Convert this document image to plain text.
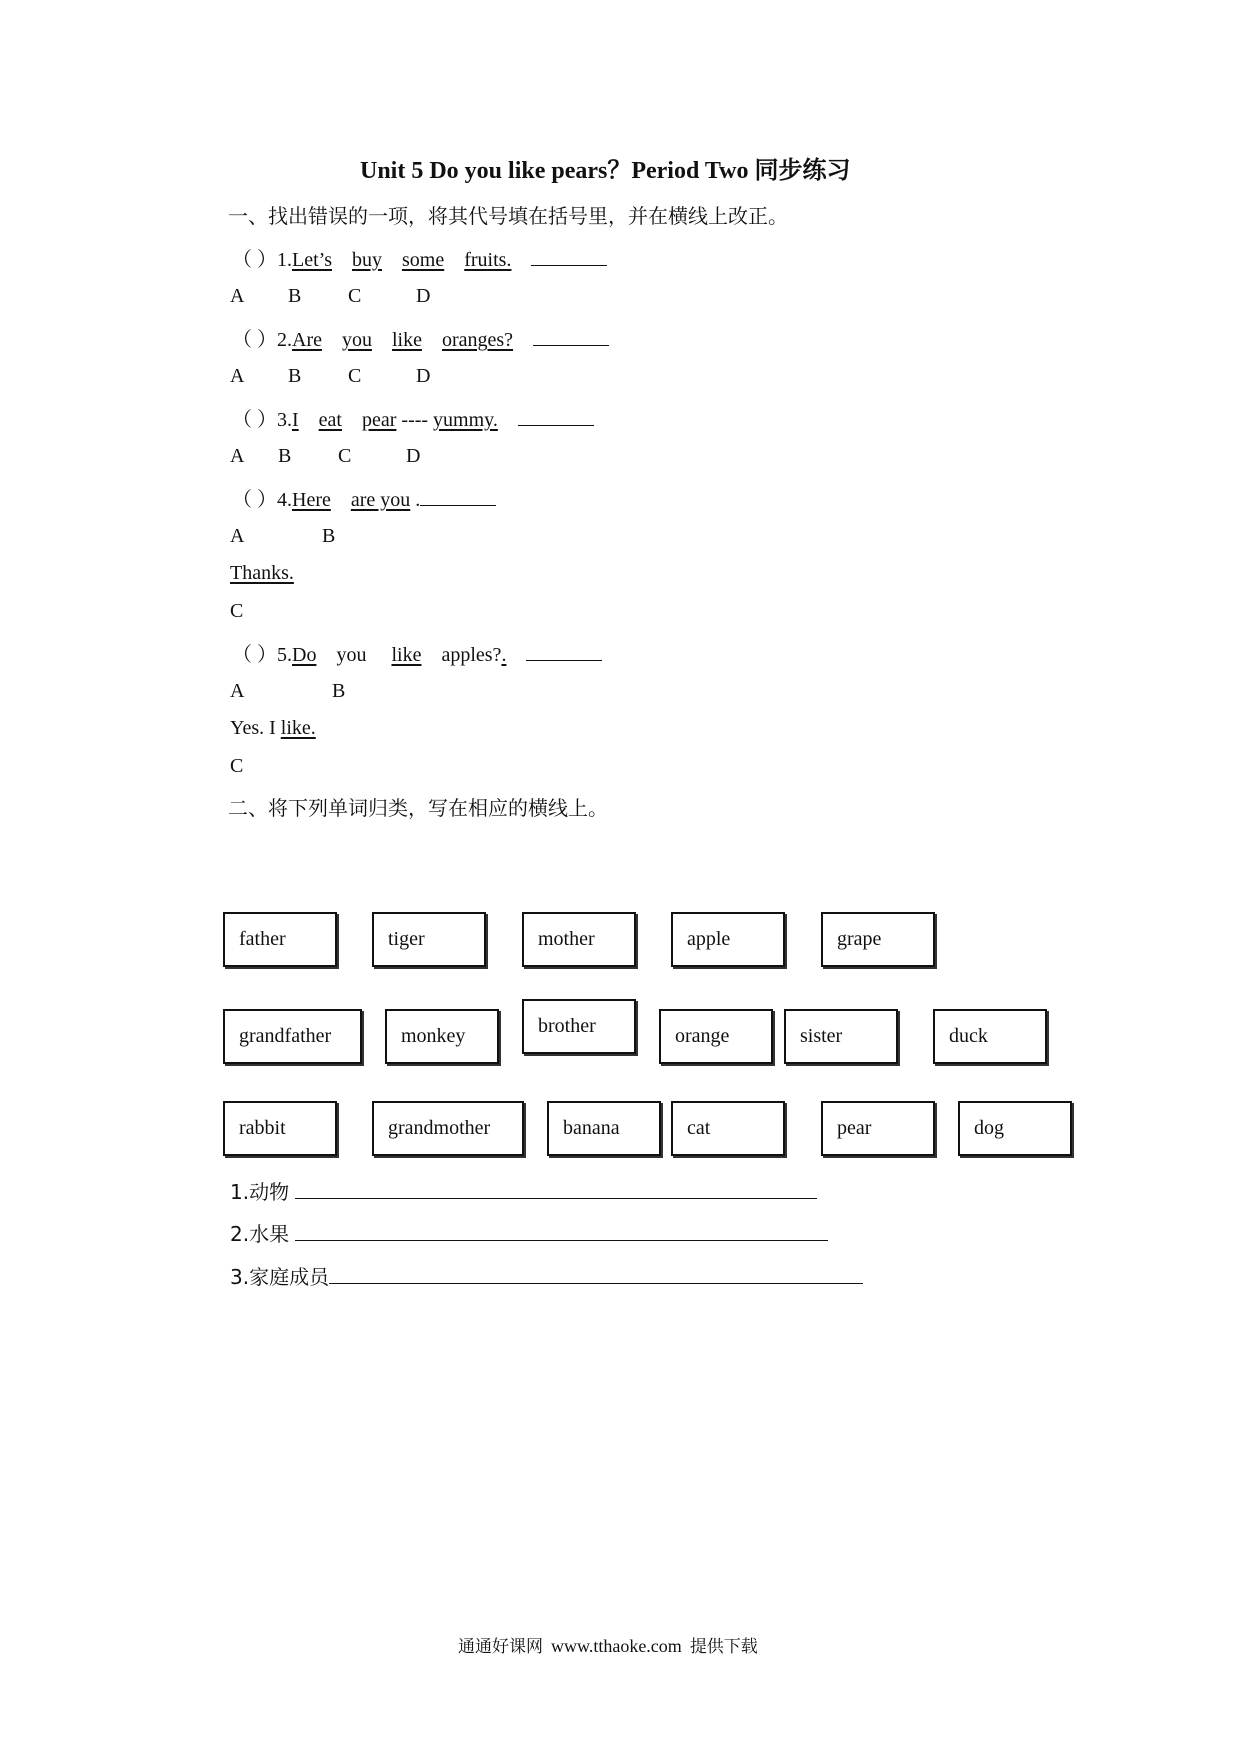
Unit 5 Do you like pears？Period Two 同步练习
一、找出错误的一项，将其代号填在括号里，并在横线上改正。
（ ）1.Let’s buy some fruits.
A B C	D
（ ）2.Are you like oranges?
A B C	D
（ ）3.I eat pear ---- yummy.
A B C	D
（ ）4.Here are you .
A	B
Thanks.
C
（ ）5.Do you like apples?.
A	B
Yes. I like.
C
二、将下列单词归类，写在相应的横线上。
father	tiger	mother	apple	grape
grandfather	monkey	brother	orange	sister	duck
rabbit	grandmother	banana	cat	pear	dog
1.动物
2.水果
3.家庭成员
通通好课网 www.tthaoke.com 提供下载
